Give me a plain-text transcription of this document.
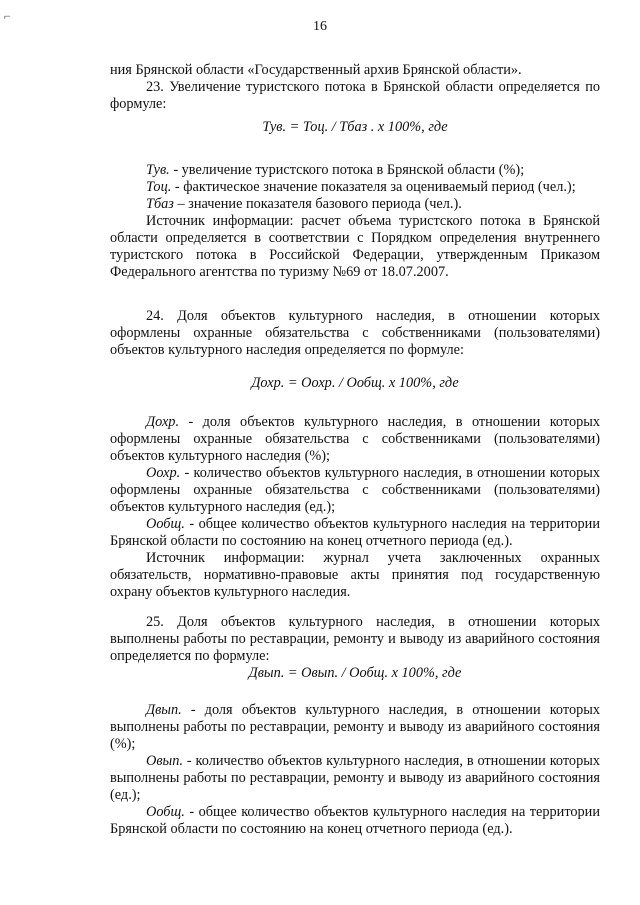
⌐
16

ния Брянской области «Государственный архив Брянской области».

23. Увеличение туристского потока в Брянской области определяется по формуле:

Тув. = Тоц. / Тбаз . х 100%, где

Тув. - увеличение туристского потока в Брянской области (%);

Тоц. - фактическое значение показателя за оцениваемый период (чел.);

Тбаз – значение показателя базового периода (чел.).

Источник информации: расчет объема туристского потока в Брянской области определяется в соответствии с Порядком определения внутреннего туристского потока в Российской Федерации, утвержденным Приказом Федерального агентства по туризму №69 от 18.07.2007.

24. Доля объектов культурного наследия, в отношении которых оформлены охранные обязательства с собственниками (пользователями) объектов культурного наследия определяется по формуле:

Дохр. = Оохр. / Ообщ. х 100%, где

Дохр. - доля объектов культурного наследия, в отношении которых оформлены охранные обязательства с собственниками (пользователями) объектов культурного наследия (%);

Оохр. - количество объектов культурного наследия, в отношении которых оформлены охранные обязательства с собственниками (пользователями) объектов культурного наследия (ед.);

Ообщ. - общее количество объектов культурного наследия на территории Брянской области по состоянию на конец отчетного периода (ед.).

Источник информации: журнал учета заключенных охранных обязательств, нормативно-правовые акты принятия под государственную охрану объектов культурного наследия.

25. Доля объектов культурного наследия, в отношении которых выполнены работы по реставрации, ремонту и выводу из аварийного состояния определяется по формуле:

Двып. = Овып. / Ообщ. х 100%, где

Двып. - доля объектов культурного наследия, в отношении которых выполнены работы по реставрации, ремонту и выводу из аварийного состояния (%);

Овып. - количество объектов культурного наследия, в отношении которых выполнены работы по реставрации, ремонту и выводу из аварийного состояния (ед.);

Ообщ. - общее количество объектов культурного наследия на территории Брянской области по состоянию на конец отчетного периода (ед.).
